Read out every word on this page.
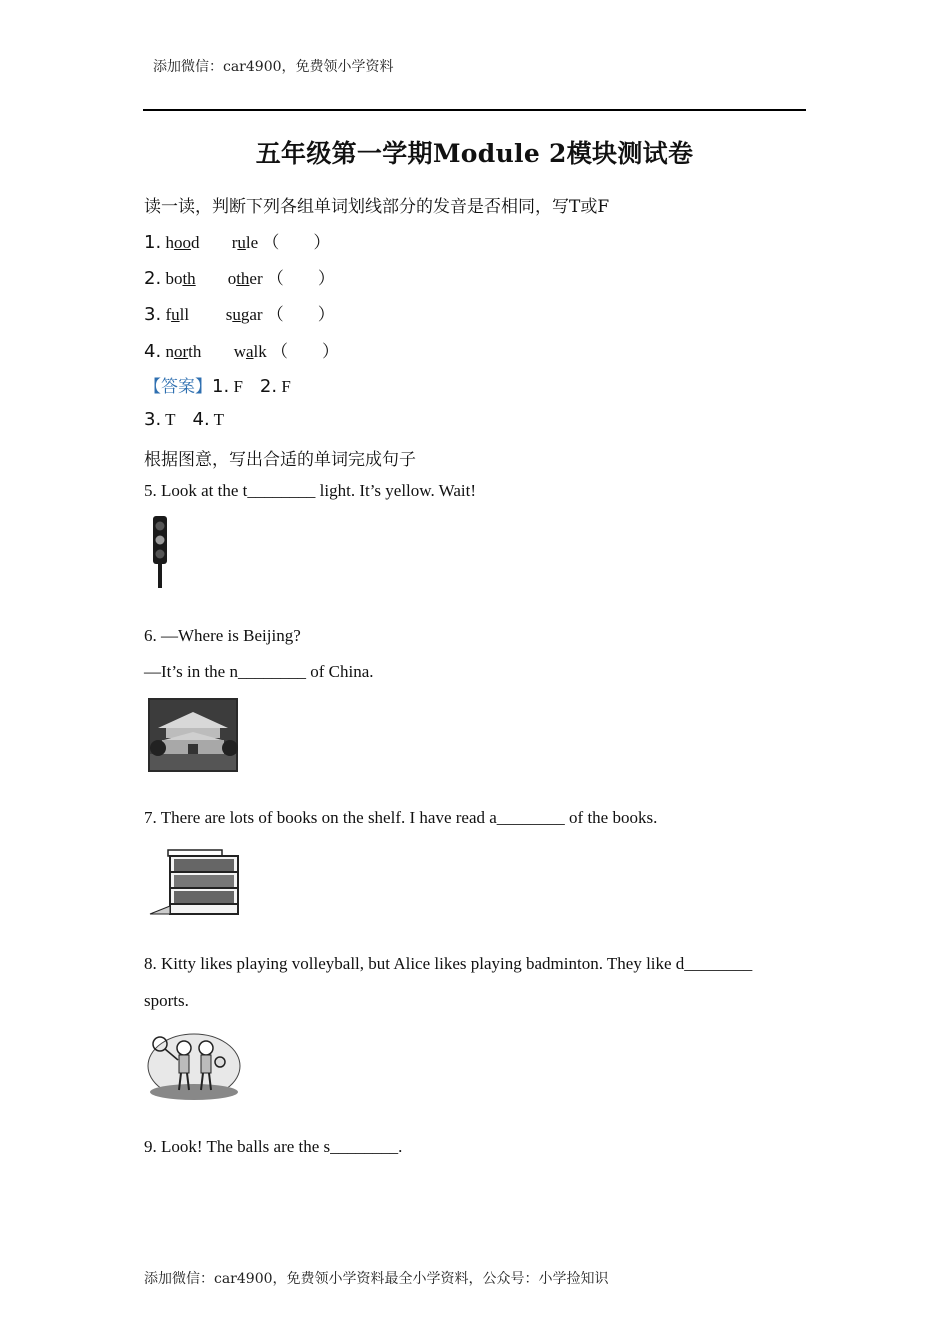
添加微信：car4900，免费领小学资料
五年级第一学期Module 2模块测试卷
读一读，判断下列各组单词划线部分的发音是否相同，写T或F
1. hood rule （　　）
2. both other （　　）
3. full sugar （　　）
4. north walk （　　）
【答案】1. F 2. F
3. T 4. T
根据图意，写出合适的单词完成句子
5. Look at the t________ light. It’s yellow. Wait!
6. —Where is Beijing?
—It’s in the n________ of China.
7. There are lots of books on the shelf. I have read a________ of the books.
8. Kitty likes playing volleyball, but Alice likes playing badminton. They like d________
sports.
9. Look! The balls are the s________.
添加微信：car4900，免费领小学资料最全小学资料，公众号：小学捡知识
